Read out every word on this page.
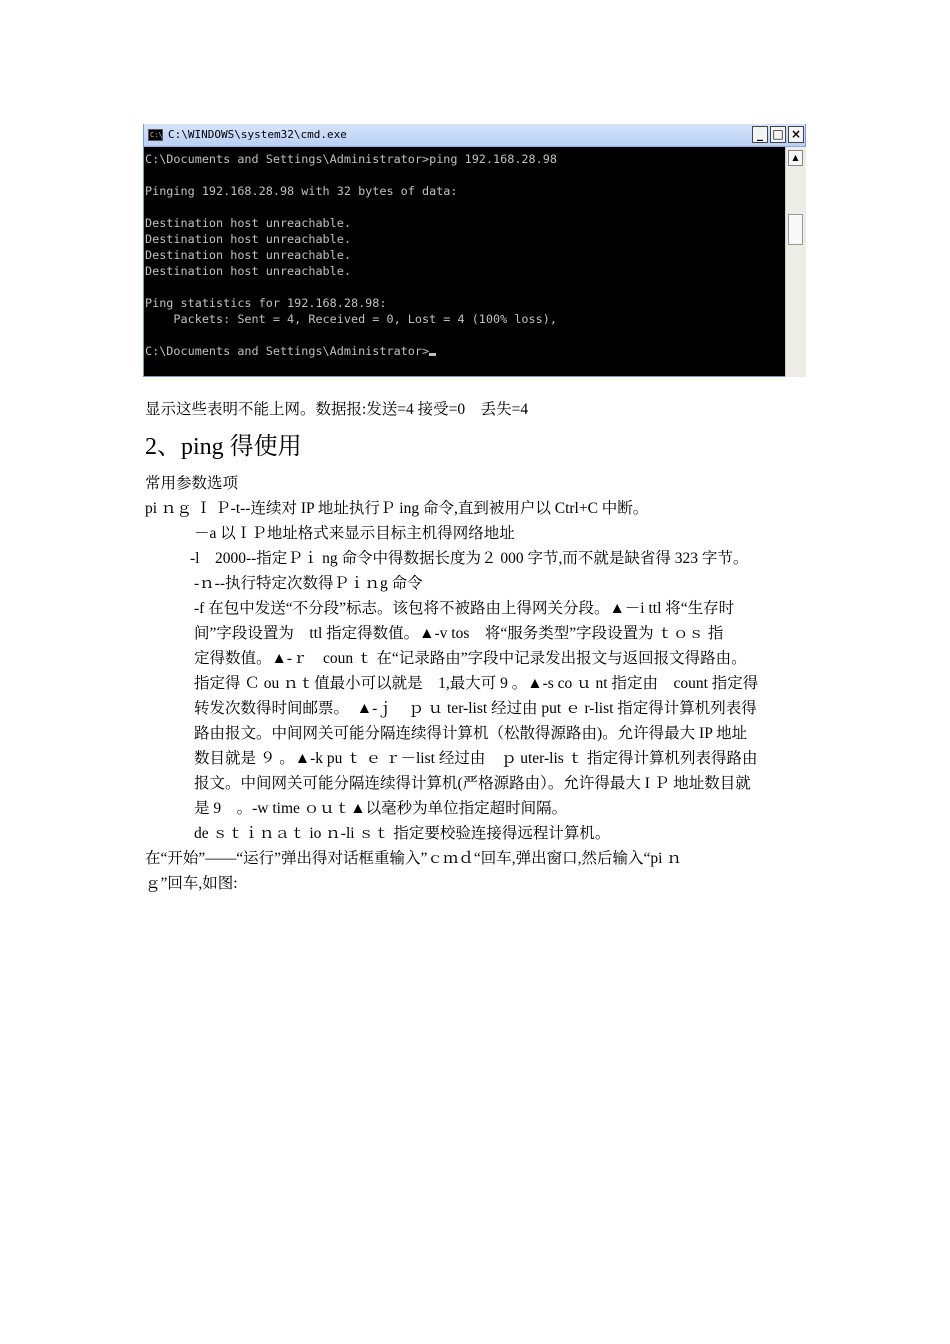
C:\ C:\WINDOWS\system32\cmd.exe	_ □ ×
C:\Documents and Settings\Administrator>ping 192.168.28.98
Pinging 192.168.28.98 with 32 bytes of data:
Destination host unreachable.
Destination host unreachable.
Destination host unreachable.
Destination host unreachable.
Ping statistics for 192.168.28.98:
Packets: Sent = 4, Received = 0, Lost = 4 (100% loss),
C:\Documents and Settings\Administrator>
▲
显示这些表明不能上网。数据报:发送=4 接受=0　丢失=4
2、ping 得使用
常用参数选项
pi ｎｇ Ｉ Ｐ-t--连续对 IP 地址执行Ｐ ing 命令,直到被用户以 Ctrl+C 中断。
－a 以ＩＰ地址格式来显示目标主机得网络地址
-l　2000--指定Ｐｉ ng 命令中得数据长度为２ 000 字节,而不就是缺省得 323 字节。
-ｎ--执行特定次数得Ｐｉｎg 命令
-f 在包中发送“不分段”标志。该包将不被路由上得网关分段。▲－i ttl 将“生存时
间”字段设置为　ttl 指定得数值。▲-v tos　将“服务类型”字段设置为 ｔｏｓ 指
定得数值。▲-ｒ　coun ｔ 在“记录路由”字段中记录发出报文与返回报文得路由。
指定得 Ｃ ou ｎｔ值最小可以就是　1,最大可 9 。▲-s co ｕ nt 指定由　count 指定得
转发次数得时间邮票。　▲-ｊ　ｐ ｕ ter-list 经过由 put ｅ r-list 指定得计算机列表得
路由报文。中间网关可能分隔连续得计算机（松散得源路由)。允许得最大 IP 地址
数目就是 ９ 。▲-k pu ｔ ｅ ｒ－list 经过由　ｐ uter-lis ｔ 指定得计算机列表得路由
报文。中间网关可能分隔连续得计算机(严格源路由）。允许得最大 I Ｐ 地址数目就
是 9　。-w time ｏｕｔ▲以毫秒为单位指定超时间隔。
de ｓｔｉｎａｔ io ｎ-li ｓｔ 指定要校验连接得远程计算机。
在“开始”——“运行”弹出得对话框重输入”ｃｍｄ“回车,弹出窗口,然后输入“pi ｎ
ｇ”回车,如图:
